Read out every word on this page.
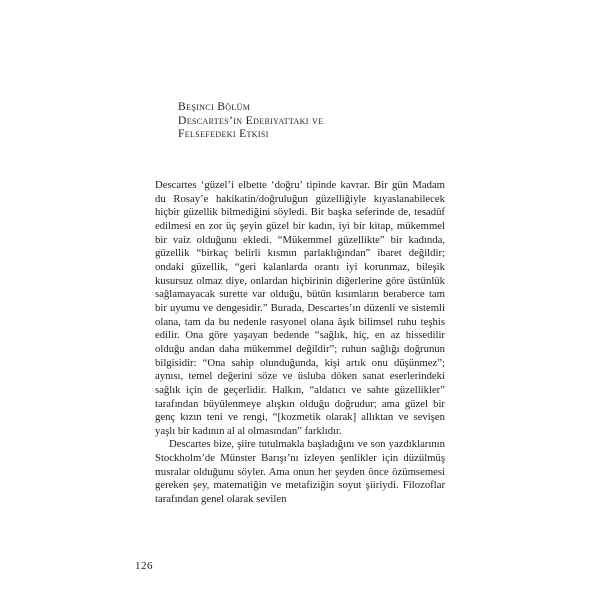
Beşinci Bölüm
Descartes’ın Edebiyattaki ve
Felsefedeki Etkisi

Descartes ‘güzel’i elbette ‘doğru’ tipinde kavrar. Bir gün Madam du Rosay’e hakikatin/doğruluğun güzelliğiyle kıyaslanabilecek hiçbir güzellik bilmediğini söyledi. Bir başka seferinde de, tesadüf edilmesi en zor üç şeyin güzel bir kadın, iyi bir kitap, mükemmel bir vaiz olduğunu ekledi. “Mükemmel güzellikte” bir kadında, güzellik “birkaç belirli kısmın parlaklığından” ibaret değildir; ondaki güzellik, “geri kalanlarda orantı iyi korunmaz, bileşik kusursuz olmaz diye, onlardan hiçbirinin diğerlerine göre üstünlük sağlamayacak surette var olduğu, bütün kısımların beraberce tam bir uyumu ve dengesidir.” Burada, Descartes’ın düzenli ve sistemli olana, tam da bu nedenle rasyonel olana âşık bilimsel ruhu teşhis edilir. Ona göre yaşayan bedende “sağlık, hiç, en az hissedilir olduğu andan daha mükemmel değildir”; ruhun sağlığı doğrunun bilgisidir: “Ona sahip olunduğunda, kişi artık onu düşünmez”; aynısı, temel değerini söze ve üsluba döken sanat eserlerindeki sağlık için de geçerlidir. Halkın, “aldatıcı ve sahte güzellikler” tarafından büyülenmeye alışkın olduğu doğrudur; ama güzel bir genç kızın teni ve rengi, “[kozmetik olarak] allıktan ve sevişen yaşlı bir kadının al al olmasından” farklıdır.

Descartes bize, şiire tutulmakla başladığını ve son yazdıklarının Stockholm’de Münster Barışı’nı izleyen şenlikler için düzülmüş mısralar olduğunu söyler. Ama onun her şeyden önce özümsemesi gereken şey, matematiğin ve metafiziğin soyut şiiriydi. Filozoflar tarafından genel olarak sevilen

126
